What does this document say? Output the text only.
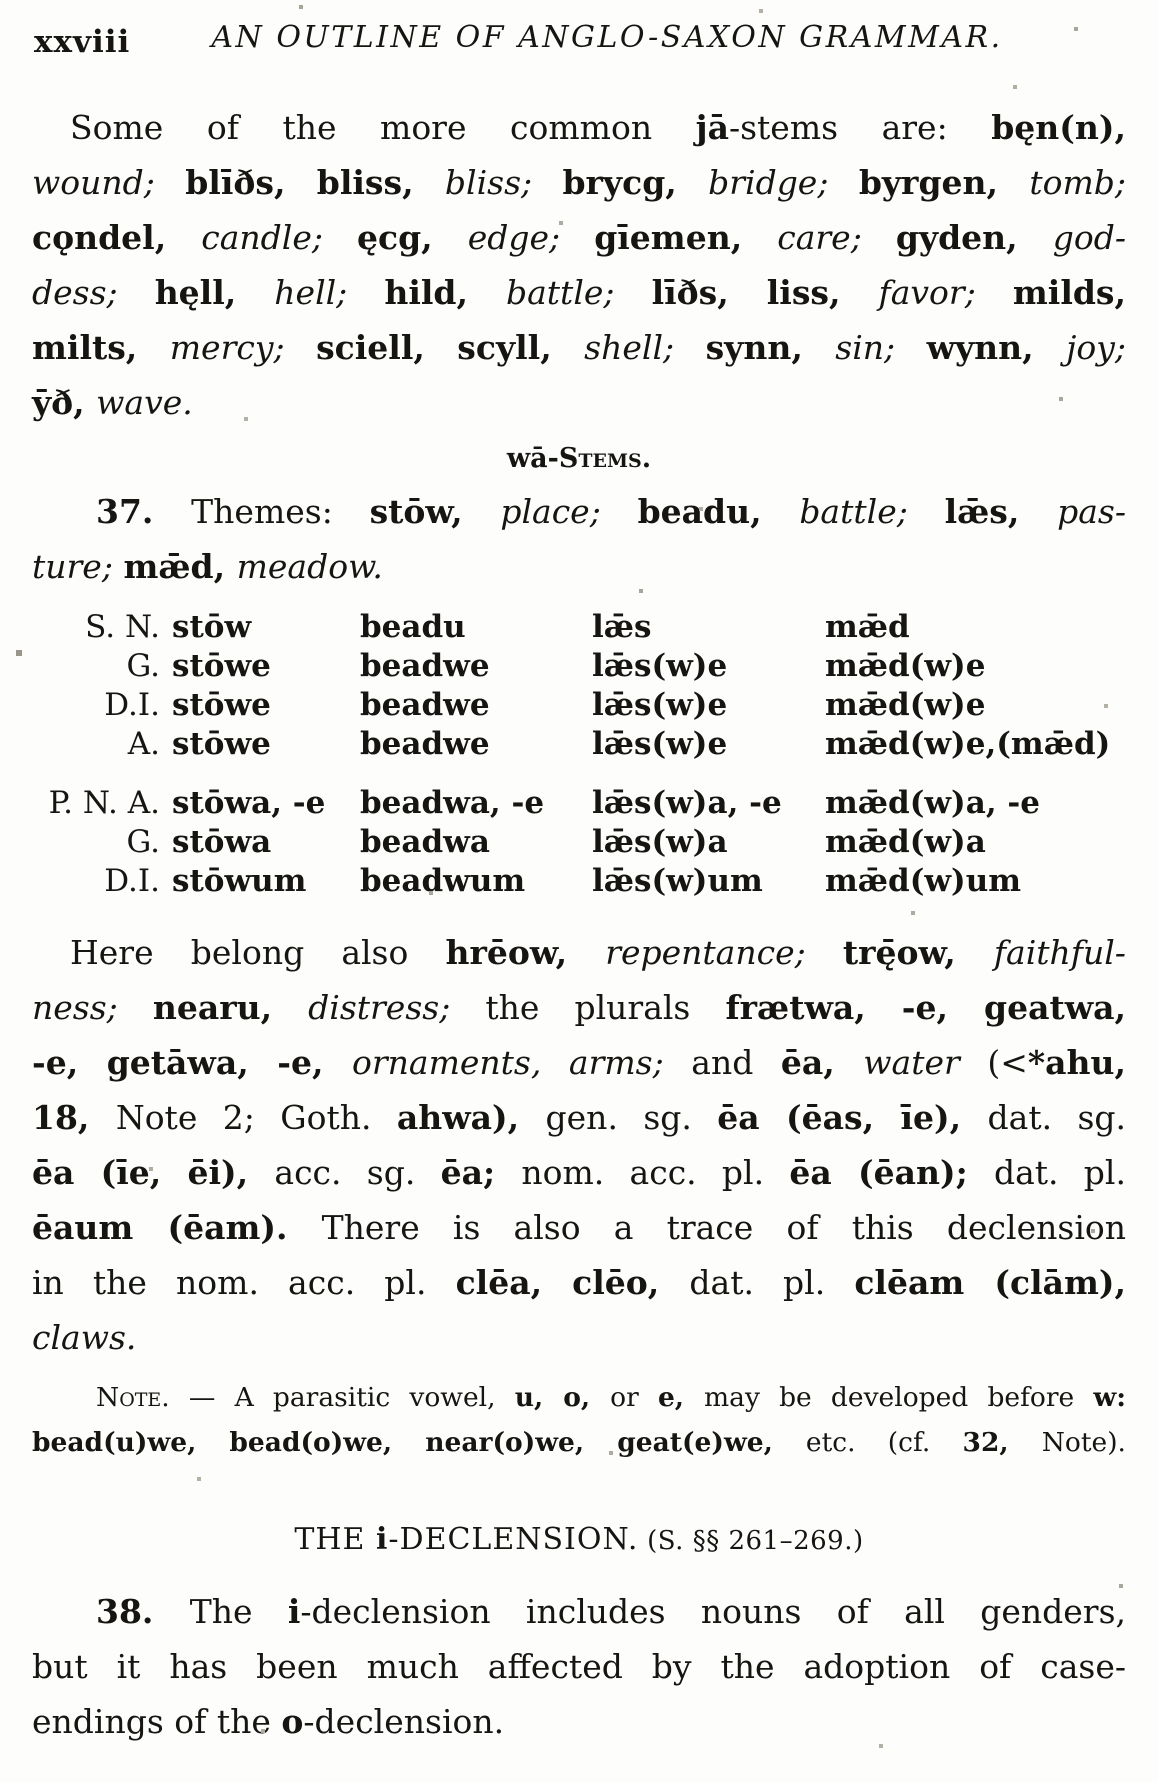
xxviii	AN OUTLINE OF ANGLO-SAXON GRAMMAR.
Some of the more common jā-stems are: bęn(n),
wound; blīðs, bliss, bliss; brycg, bridge; byrgen, tomb;
cǫndel, candle; ęcg, edge; gīemen, care; gyden, god-
dess; hęll, hell; hild, battle; līðs, liss, favor; milds,
milts, mercy; sciell, scyll, shell; synn, sin; wynn, joy;
ȳð, wave.
wā-Stems.
37. Themes: stōw, place; beadu, battle; lǣs, pas-
ture; mǣd, meadow.
S. N. stōw	beadu	lǣs	mǣd
G. stōwe	beadwe	lǣs(w)e	mǣd(w)e
D.I. stōwe	beadwe	lǣs(w)e	mǣd(w)e
A. stōwe	beadwe	lǣs(w)e	mǣd(w)e,(mǣd)
P. N. A. stōwa, -e	beadwa, -e	lǣs(w)a, -e	mǣd(w)a, -e
G. stōwa	beadwa	lǣs(w)a	mǣd(w)a
D.I. stōwum	beadwum	lǣs(w)um	mǣd(w)um
Here belong also hrēow, repentance; trę̄ow, faithful-
ness; nearu, distress; the plurals frætwa, -e, geatwa,
-e, getāwa, -e, ornaments, arms; and ēa, water (<*ahu,
18, Note 2; Goth. ahwa), gen. sg. ēa (ēas, īe), dat. sg.
ēa (īe, ēi), acc. sg. ēa; nom. acc. pl. ēa (ēan); dat. pl.
ēaum (ēam). There is also a trace of this declension
in the nom. acc. pl. clēa, clēo, dat. pl. clēam (clām),
claws.
Note. — A parasitic vowel, u, o, or e, may be developed before w:
bead(u)we, bead(o)we, near(o)we, geat(e)we, etc. (cf. 32, Note).
THE i-DECLENSION. (S. §§ 261–269.)
38. The i-declension includes nouns of all genders,
but it has been much affected by the adoption of case-
endings of the o-declension.
